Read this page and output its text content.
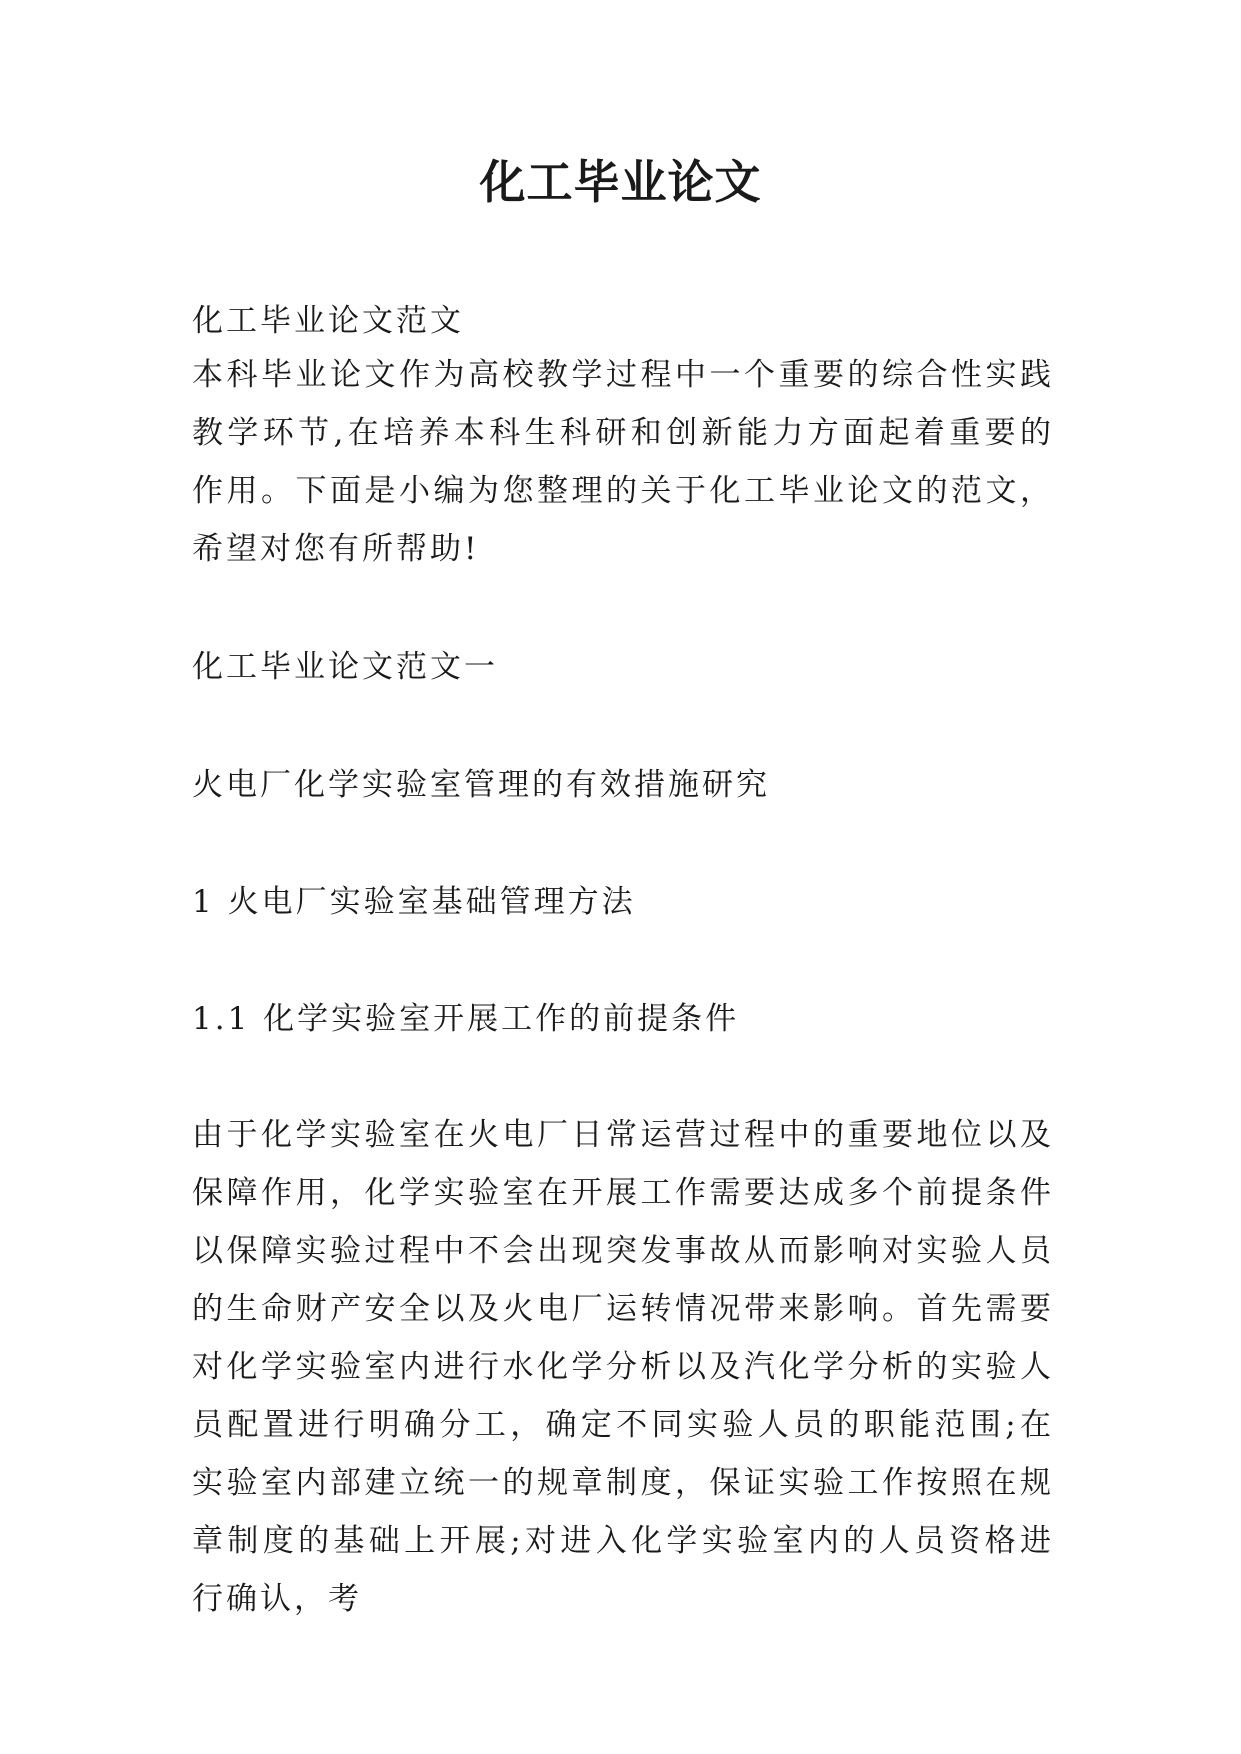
化工毕业论文

化工毕业论文范文

本科毕业论文作为高校教学过程中一个重要的综合性实践教学环节,在培养本科生科研和创新能力方面起着重要的作用。下面是小编为您整理的关于化工毕业论文的范文，希望对您有所帮助!

化工毕业论文范文一

火电厂化学实验室管理的有效措施研究

1 火电厂实验室基础管理方法

1.1 化学实验室开展工作的前提条件

由于化学实验室在火电厂日常运营过程中的重要地位以及保障作用，化学实验室在开展工作需要达成多个前提条件以保障实验过程中不会出现突发事故从而影响对实验人员的生命财产安全以及火电厂运转情况带来影响。首先需要对化学实验室内进行水化学分析以及汽化学分析的实验人员配置进行明确分工，确定不同实验人员的职能范围;在实验室内部建立统一的规章制度，保证实验工作按照在规章制度的基础上开展;对进入化学实验室内的人员资格进行确认，考
